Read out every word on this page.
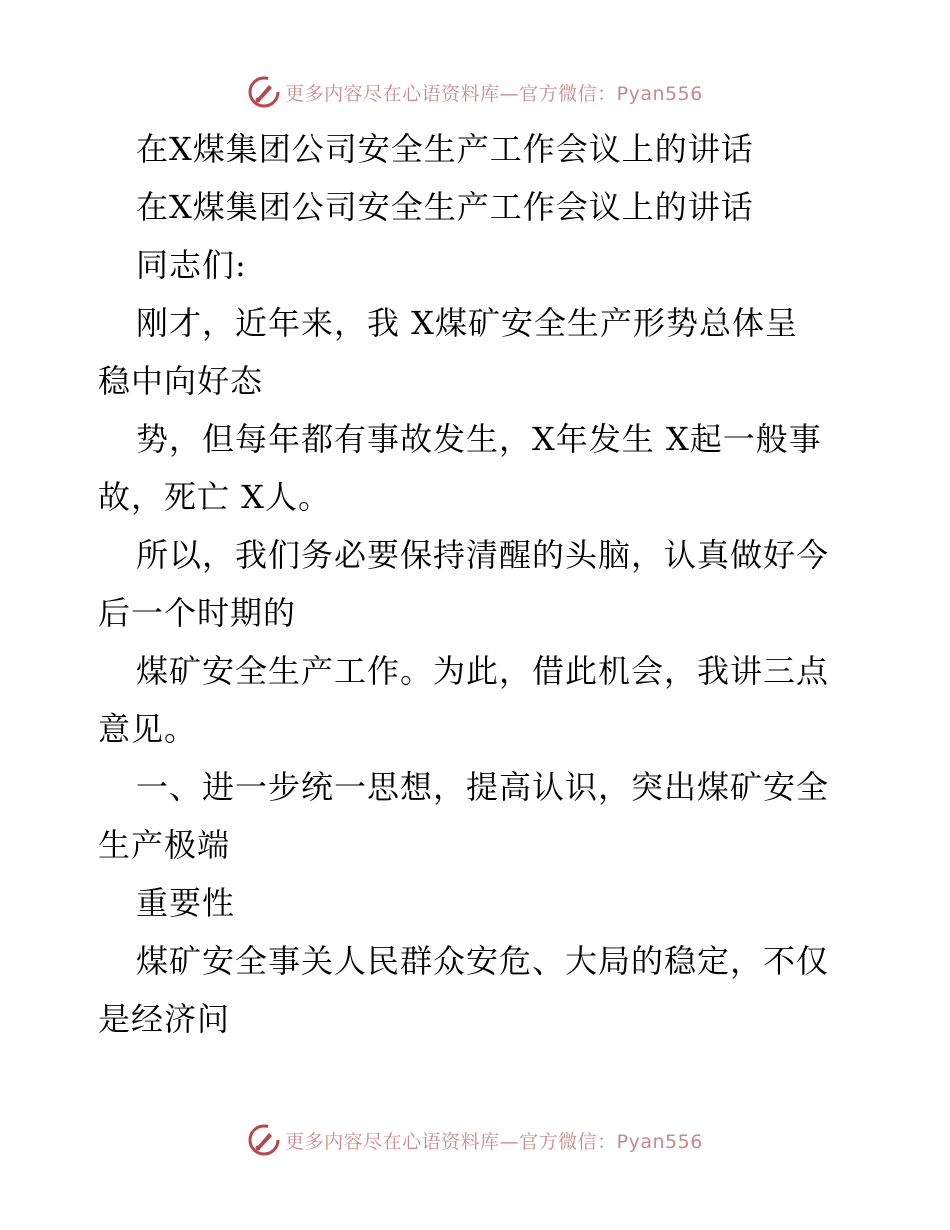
更多内容尽在心语资料库—官方微信：Pyan556
在X煤集团公司安全生产工作会议上的讲话
在X煤集团公司安全生产工作会议上的讲话
同志们:
刚才，近年来，我 X煤矿安全生产形势总体呈
稳中向好态
势，但每年都有事故发生，X年发生 X起一般事
故，死亡 X人。
所以，我们务必要保持清醒的头脑，认真做好今
后一个时期的
煤矿安全生产工作。为此，借此机会，我讲三点
意见。
一、进一步统一思想，提高认识，突出煤矿安全
生产极端
重要性
煤矿安全事关人民群众安危、大局的稳定，不仅
是经济问
更多内容尽在心语资料库—官方微信：Pyan556
